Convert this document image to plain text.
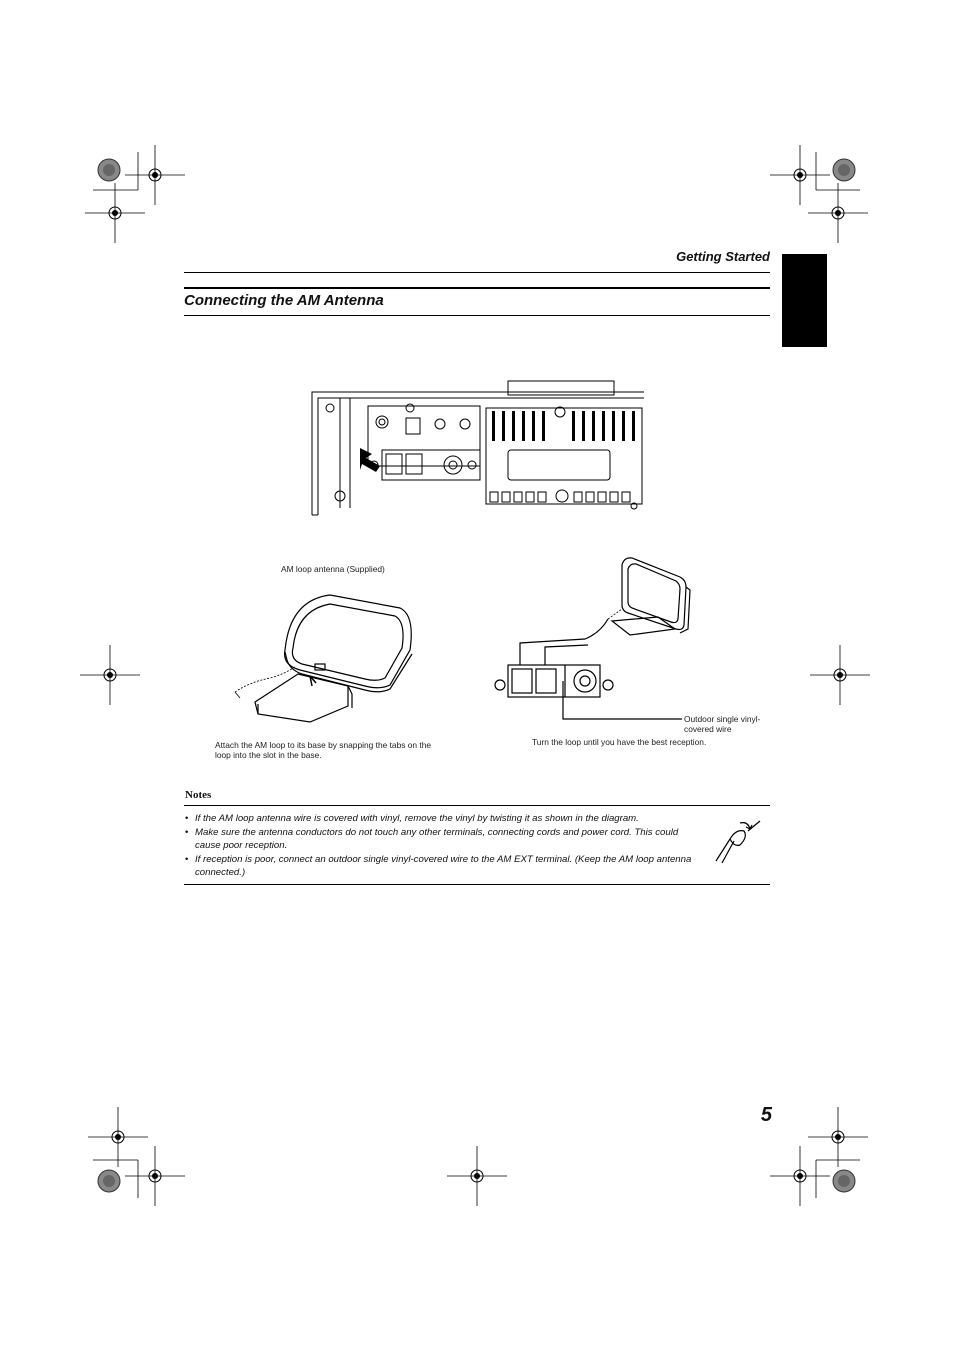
Getting Started
Connecting the AM Antenna
AM loop antenna (Supplied)
Attach the AM loop to its base by snapping the tabs on the loop into the slot in the base.
Outdoor single vinyl-covered wire
Turn the loop until you have the best reception.
Notes
• If the AM loop antenna wire is covered with vinyl, remove the vinyl by twisting it as shown in the diagram.
• Make sure the antenna conductors do not touch any other terminals, connecting cords and power cord. This could cause poor reception.
• If reception is poor, connect an outdoor single vinyl-covered wire to the AM EXT terminal. (Keep the AM loop antenna connected.)
5
